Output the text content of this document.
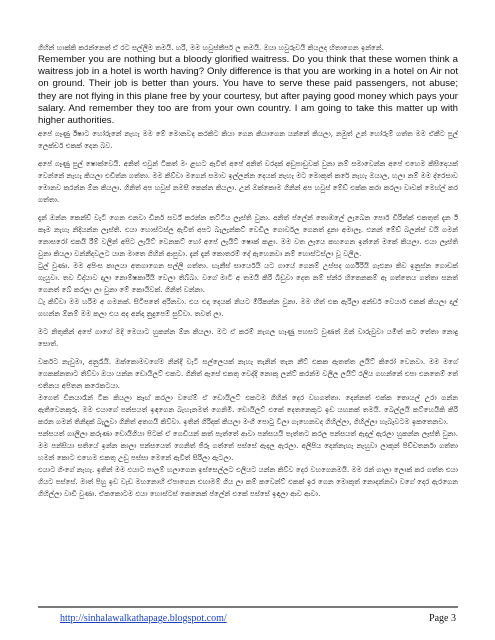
ගිහින් හාක්කි කරන්නෙත් ඒ රට සල්ලිම තමයි. හරි, මම හවුස්කීපර් ල තමයි. ඔයා හවුරුවයි කියලද හිතාගෙන ඉන්නේ.

Remember you are nothing but a bloody glorified waitress. Do you think that these women think a waitress job in a hotel is worth having? Only difference is that you are working in a hotel on Air not on ground. Their job is better than yours. You have to serve these paid passengers, not abuse; they are not flying in this plane free by your courtesy, but after paying good money which pays your salary. And remember they too are from your own country. I am going to take this matter up with higher authorities.

අපේ ගෑණු ඊෂාට හෝරුනේ නැහැ මම මේ මොනවද කරකිට කියා ගෙන කියාගෙන යන්නේ කියලා, නමුත් උන් හෝරුම් ගත්ත මම ඒකීට පුල් ලෙක්චර් එකක් දෙන බව.

අපේ ගෑණු පුල් ෂොක්වෙයි. අනිත් එවුන් ටිකත් මං ළඟට ඇවිත් අපේ අනිත් වරදක් අඩුපාඩුවක් වුනා නම් සමාවෙන්න අපේ එහෙම කිසිදෙයක් වෙන්නේ නැහැ කියලා එඩිත්න ගත්තා. මම කිව්වා මගෙන් සමාව ඉල්ලන්න දෙයක් නැහැ මට මොකුත් කරේ නැහැ ඔයාල, හලා නම් මම ද්රෙසාව මොනව කරන්න ඕන කියලා. ගිනිත් අප හවුස් නමසී කෙන්න කියලා. උන් ඔක්කොම ගිනින් අප හවුස් මේඩ් එක්ක කරා කරලා වාචක් මෙහ්ල් කර ගත්තා.

දැන් ඔන්න කෙන්ච් වැටී ගෙන එනවා ඩිනර් සර්ව් කරන්න කට්ටිය ලෑස්ති වුනා. අනිත් ප්ලේන් තොඹලේ ලැබෙන පොර් ඩිරින්ක් එකතුත් දැන ඊ කෑම නැහැ නිදියන්න ලෑස්ති. එයා හොස්ටස්ල ඇවිත් අපට බැලැන්කට් වෙඩිල ගොර්වල ගෙනත් දුනා අමාලෑ. එනන් මේඩ් බලන්ස් වයි ගමන් නොසරෝ එකයි රීම් වලින් අපිට ලැයිට් වෙනකට් හෝ අපේ ලැයිට් ෂොක් කළා. මම වත ලැයෙ කහගෙන ඉන්නේ මකේ කියලා. එයා ලෑස්ති වුනා කියලා වන්නීදවලට යාන මාතෙ ගිහින් ආපුවා. දැන් දැන් කොතරම් දේ ඇහෙනවා නම් හොස්ටස්ලා වූ වලිල.

ටුල් වුණා. මම අපිංස කාලයා අතගාගෙන සල්ලි ගත්තා. ඟැනීස් සාර්යෙයි යට ගායේ ගෙනම් උස්සද ගර්ගිරියි ගැළුනා කිව ඉනුස්න ගොඩක් ගැයුවා. තව විද්යාව දාලා නොම්ෂකාරීයි වෙලා තිබ්බා. වගේ මාටී අ තමයි කිරි බිඩුවා දෙත නම් ස්න්ර හිතෙනකම් ඇ ගත්තෙය ගත්තා සනත් ගෙනත් බේ කරලා ලා වුනා මේ කොයිවක්. ගිනිත් වන්නා.

ධැ කිව්වා මම හරිම අ ගමනක්. සිටිපතේ අරිනවා. එය එදා දෙයක් නියට මිරිකන්න වුනා. මම හිත් එක ඇරිලා අන්ඩර් වෙයාර් එකක් කියලා දාල් ගහන්න ඕනම් මම කලා එය අද අන්දා නුදුපෙම් සුව්වා. තවත් ලා.

මට නිතුකින් අපේ ගාගේ මදි මෙයාට හුකන්න ඕන කියලා. මට ඒ කරම් නැගල ඟෑණු පහසට වුණත් ඔන් වාරුවුවා යමිත් කට තේතා නොදු සොත්.

වර්කට නැවුමා, අනුරෑයි. ඔක්කොමවගේම නින්දී වැටී සල්ලෙයක් නැහැ තැනින් තැන නීට් එකක ඇතත්ත ලයිට් කිරෝ වෙනවා. මම මගේ ගෙකක්නතාට තිව්වා ඔයා යන්න ඩොයිලට් එකට. ගිනිත් ඇසේ එකතු වෙද්දි නොකු ලන්ට් කරන්ම වලිල ලයිට් රලිය ගහන්නේ එපා එනතෙම් තේ එතිනය අපිතන කරෙකටයා.

මගෙත් ඩිනයාරෑන් ටික කියලා කෑඟ් කරලා වගේම් ඒ ඩොයිලට් එකටම ගිහින් දෙර වහගත්තා. දෙන්නත් එක්ක තොයල් උරා ගන්න ඇතිවෙනකුරු. මම එයාගේ පන්සයත් ඉඳගෙන බැහැනමත් ගෙනිමි. ඩොයිලට් එකේ දෙතනෙකුට ඉඩ යහනක් තමයි. බෙල්ලයි කට්හෙයිකි කිරි කරන ගමන් තිනිදක් බැලුවා ගිනිත් අතගයි කිව්වා. ඉතින් ගිරිදක් කියලා මංගී පොටු වීලා ගැහෙනවද ගිහිල්ලා, ගිහිල්ලා හැබෑවටම ඉකතෙනවා.

පන්සයත් ගාලිලා කරුණා ඩොයිගියා පිටක් ඒ ගෙඩියන් කත් පැත්තේ ආවා පන්සයයි පැත්තට කරල පන්සයත් ඇදල් ඇරලා හුකන්න ලෑස්ති වුනා. මම පන්සියා සතියේ ඉන්න කාලා පන්සයෙත් ගෙනිත් ජිරු ගත්තේ පස්සේ ඇදල ඇරලා. අලිපිය දෙන්නැහැ නැහුවා ලාකුන් පිච්චතර්නා ගත්තා හමන් කොට එහෙම එකතු උඩු පස්සා මෙනේ ඇවිත් සිරිලා ඇටලා.

එයාට ගිංගේ නැහැ. ඉතින් මම එයාට පාලම් හලාගෙන ඉස්සෙල්ලට එලියට යන්න කිව්ව දෙර වහගෙනමයි. මම රන් ගාලා ලොක් කර ගත්ත එයා ගියට පස්සේ. මාත් පිහු ඉඩ වැඩ මහනොහී ඒපාගෙන එහාමම් ගිය ලා කම් කවෙන්ට් එකක් ඉර ගෙන මොකුත් නොදන්නවා වගේ දෙර ඇරගෙන ගිහිල්ලා වාඩි වුණා. ඒකකොටම එයා හොස්ටස් කෙනෙක් ප්ලේන් එකේ පස්සේ ඉඳලා ආව ආවා.

http://sinhalawalkathapage.blogspot.com/	Page 3
